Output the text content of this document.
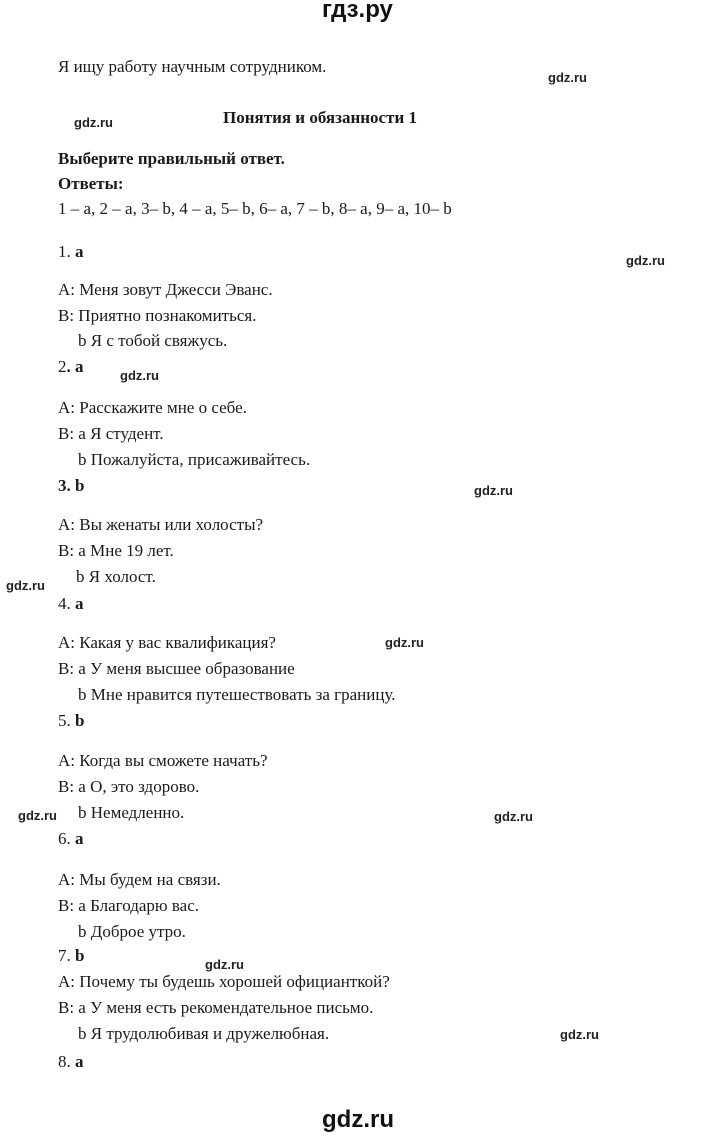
гдз.ру
Я ищу работу научным сотрудником.
gdz.ru
gdz.ru	Понятия и обязанности 1
Выберите правильный ответ.
Ответы:
1 – a, 2 – a, 3– b, 4 – a, 5– b, 6– a, 7 – b, 8– a, 9– a, 10– b
1. a	gdz.ru
A: Меня зовут Джесси Эванс.
B: Приятно познакомиться.
b Я с тобой свяжусь.
2. a	gdz.ru
A: Расскажите мне о себе.
B: a Я студент.
b Пожалуйста, присаживайтесь.
3. b	gdz.ru
A: Вы женаты или холосты?
B: a Мне 19 лет.
b Я холост.
gdz.ru
4. a
A: Какая у вас квалификация?	gdz.ru
B: a У меня высшее образование
b Мне нравится путешествовать за границу.
5. b
A: Когда вы сможете начать?
B: a О, это здорово.
gdz.ru b Немедленно.	gdz.ru
6. a
A: Мы будем на связи.
B: a Благодарю вас.
b Доброе утро.
7. b	gdz.ru
A: Почему ты будешь хорошей официанткой?
B: a У меня есть рекомендательное письмо.
b Я трудолюбивая и дружелюбная.	gdz.ru
8. a
gdz.ru
